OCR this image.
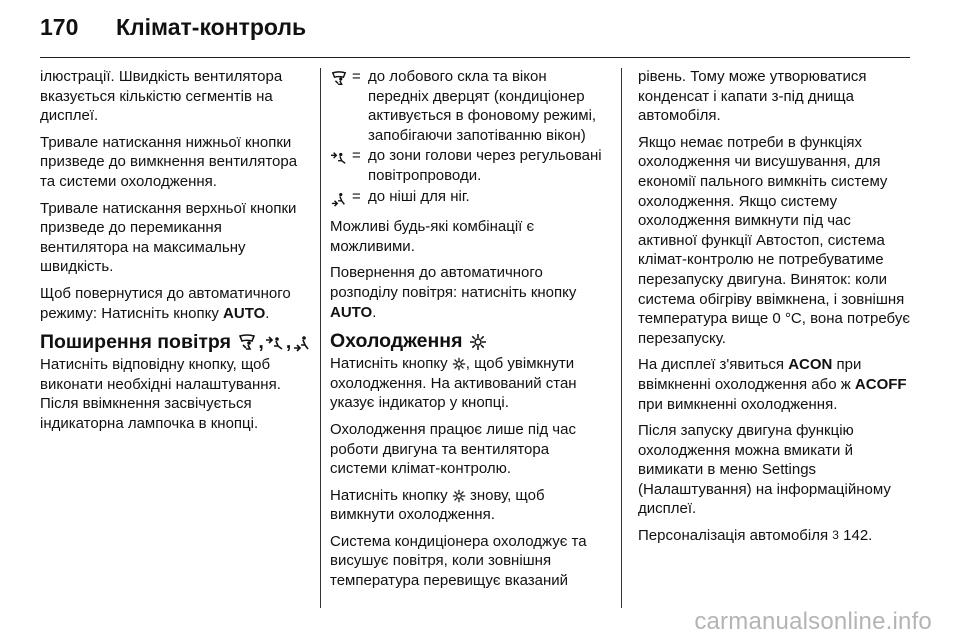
170 Клімат-контроль

ілюстрації. Швидкість вентилятора вказується кількістю сегментів на дисплеї.

Тривале натискання нижньої кнопки призведе до вимкнення вентилятора та системи охолодження.

Тривале натискання верхньої кнопки призведе до перемикання вентилятора на максимальну швидкість.

Щоб повернутися до автоматичного режиму: Натисніть кнопку AUTO.

Поширення повітря
, ,

Натисніть відповідну кнопку, щоб виконати необхідні налаштування. Після ввімкнення засвічується індикаторна лампочка в кнопці.

= до лобового скла та вікон передніх дверцят (кондиціонер активується в фоновому режимі, запобігаючи запотіванню вікон)
= до зони голови через регульовані повітропроводи.
= до ніші для ніг.

Можливі будь-які комбінації є можливими.

Повернення до автоматичного розподілу повітря: натисніть кнопку AUTO.

Охолодження

Натисніть кнопку , щоб увімкнути охолодження. На активований стан указує індикатор у кнопці.

Охолодження працює лише під час роботи двигуна та вентилятора системи клімат-контролю.

Натисніть кнопку  знову, щоб вимкнути охолодження.

Система кондиціонера охолоджує та висушує повітря, коли зовнішня температура перевищує вказаний

рівень. Тому може утворюватися конденсат і капати з-під днища автомобіля.

Якщо немає потреби в функціях охолодження чи висушування, для економії пального вимкніть систему охолодження. Якщо систему охолодження вимкнути під час активної функції Автостоп, система клімат-контролю не потребуватиме перезапуску двигуна. Виняток: коли система обігріву ввімкнена, і зовнішня температура вище 0 °C, вона потребує перезапуску.

На дисплеї з'явиться ACON при ввімкненні охолодження або ж ACOFF при вимкненні охолодження.

Після запуску двигуна функцію охолодження можна вмикати й вимикати в меню Settings (Налаштування) на інформаційному дисплеї.

Персоналізація автомобіля 3 142.

carmanualsonline.info
